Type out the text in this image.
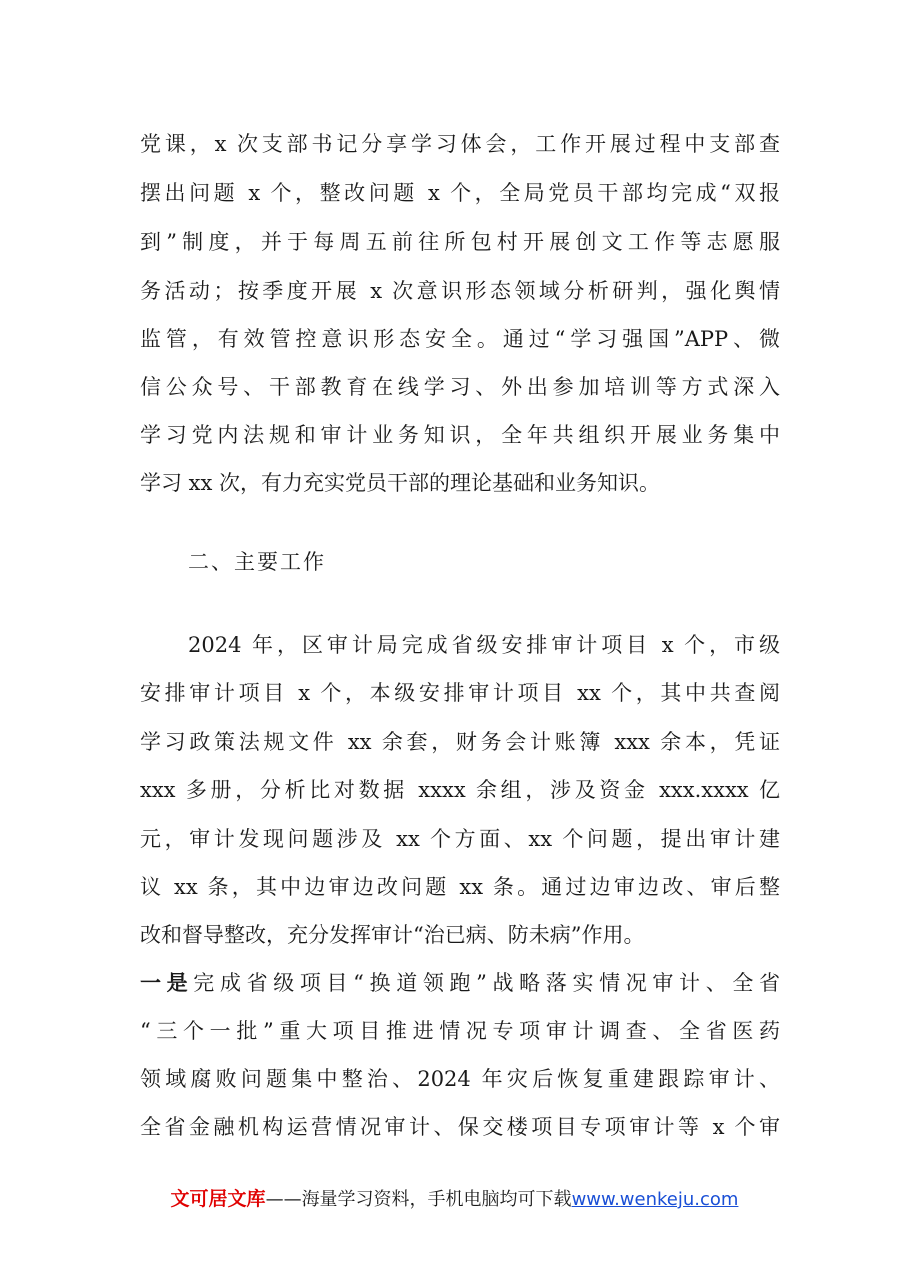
党课，x 次支部书记分享学习体会，工作开展过程中支部查
摆出问题 x 个，整改问题 x 个，全局党员干部均完成“双报
到”制度，并于每周五前往所包村开展创文工作等志愿服
务活动；按季度开展 x 次意识形态领域分析研判，强化舆情
监管，有效管控意识形态安全。通过“学习强国”APP、微
信公众号、干部教育在线学习、外出参加培训等方式深入
学习党内法规和审计业务知识，全年共组织开展业务集中
学习 xx 次，有力充实党员干部的理论基础和业务知识。
二、主要工作
2024 年，区审计局完成省级安排审计项目 x 个，市级
安排审计项目 x 个，本级安排审计项目 xx 个，其中共查阅
学习政策法规文件 xx 余套，财务会计账簿 xxx 余本，凭证
xxx 多册，分析比对数据 xxxx 余组，涉及资金 xxx.xxxx 亿
元，审计发现问题涉及 xx 个方面、xx 个问题，提出审计建
议 xx 条，其中边审边改问题 xx 条。通过边审边改、审后整
改和督导整改，充分发挥审计“治已病、防未病”作用。
一是完成省级项目“换道领跑”战略落实情况审计、全省
“三个一批”重大项目推进情况专项审计调查、全省医药
领域腐败问题集中整治、2024 年灾后恢复重建跟踪审计、
全省金融机构运营情况审计、保交楼项目专项审计等 x 个审
文可居文库——海量学习资料，手机电脑均可下载www.wenkeju.com
